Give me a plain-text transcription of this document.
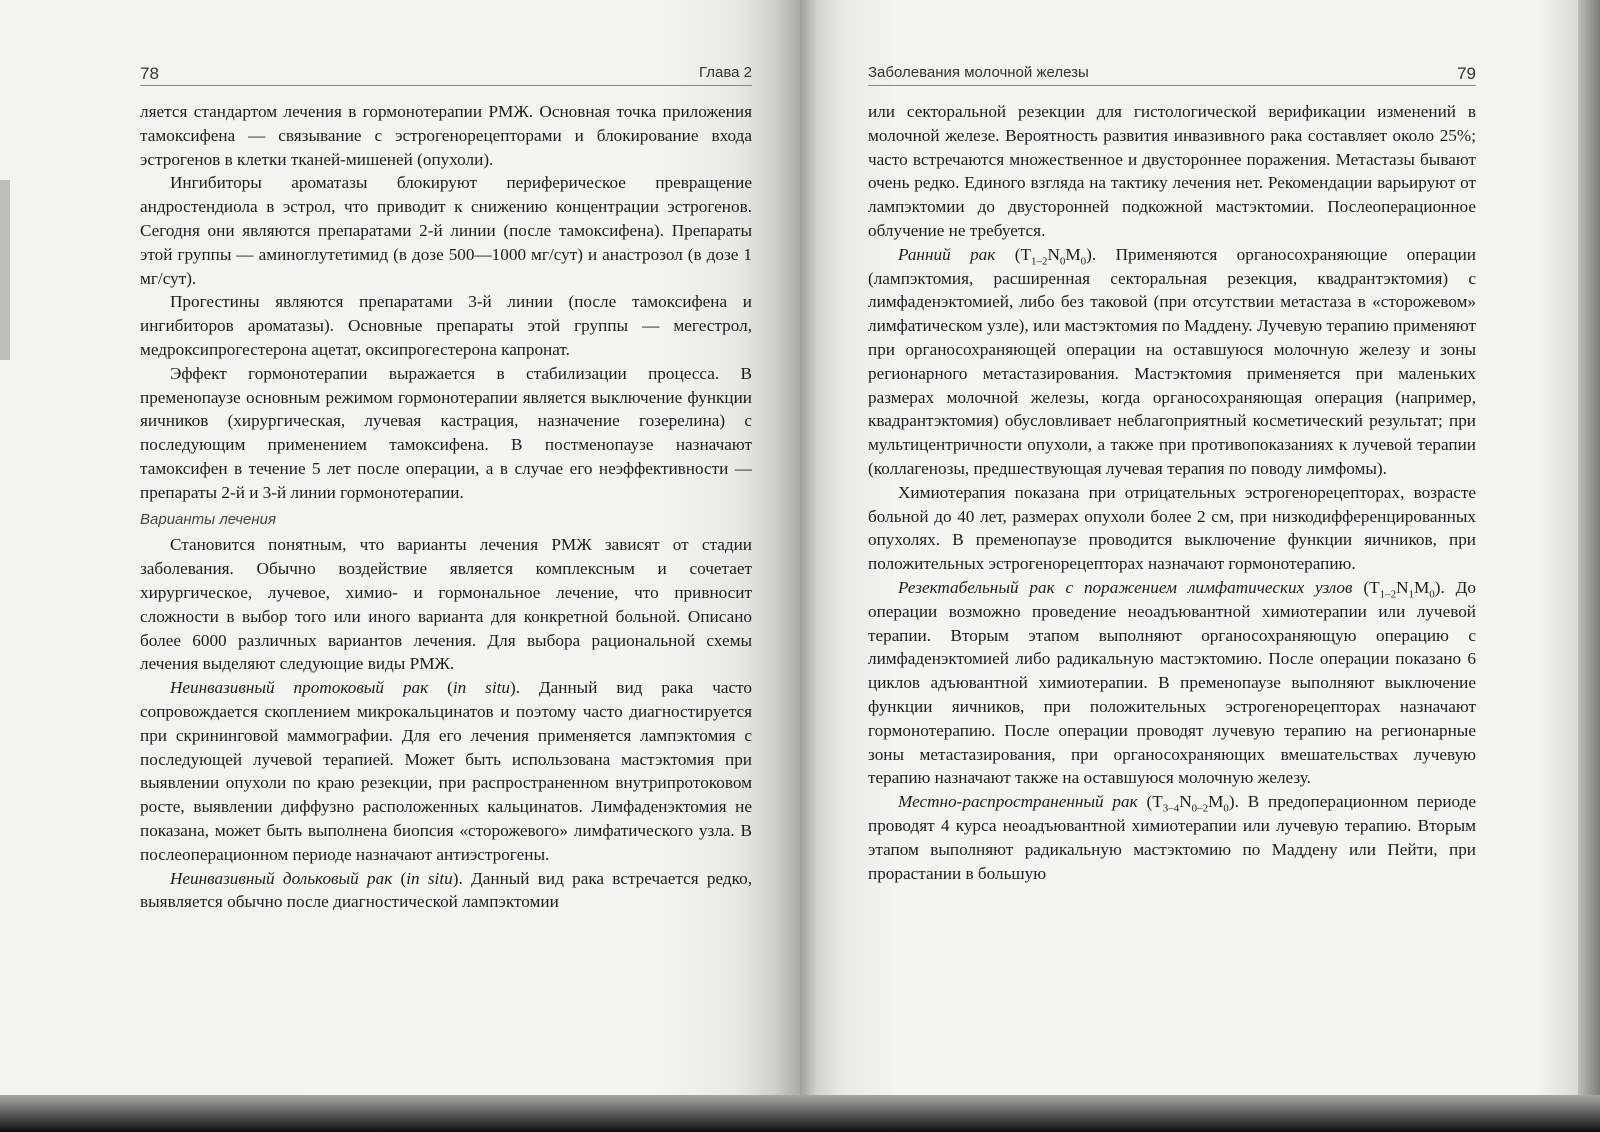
78	Глава 2

ляется стандартом лечения в гормонотерапии РМЖ. Основная точка приложения тамоксифена — связывание с эстрогенорецепторами и блокирование входа эстрогенов в клетки тканей-мишеней (опухоли).

Ингибиторы ароматазы блокируют периферическое превращение андростендиола в эстрол, что приводит к снижению концентрации эстрогенов. Сегодня они являются препаратами 2-й линии (после тамоксифена). Препараты этой группы — аминоглутетимид (в дозе 500—1000 мг/сут) и анастрозол (в дозе 1 мг/сут).

Прогестины являются препаратами 3-й линии (после тамоксифена и ингибиторов ароматазы). Основные препараты этой группы — мегестрол, медроксипрогестерона ацетат, оксипрогестерона капронат.

Эффект гормонотерапии выражается в стабилизации процесса. В пременопаузе основным режимом гормонотерапии является выключение функции яичников (хирургическая, лучевая кастрация, назначение гозерелина) с последующим применением тамоксифена. В постменопаузе назначают тамоксифен в течение 5 лет после операции, а в случае его неэффективности — препараты 2-й и 3-й линии гормонотерапии.

Варианты лечения

Становится понятным, что варианты лечения РМЖ зависят от стадии заболевания. Обычно воздействие является комплексным и сочетает хирургическое, лучевое, химио- и гормональное лечение, что привносит сложности в выбор того или иного варианта для конкретной больной. Описано более 6000 различных вариантов лечения. Для выбора рациональной схемы лечения выделяют следующие виды РМЖ.

Неинвазивный протоковый рак (in situ). Данный вид рака часто сопровождается скоплением микрокальцинатов и поэтому часто диагностируется при скрининговой маммографии. Для его лечения применяется лампэктомия с последующей лучевой терапией. Может быть использована мастэктомия при выявлении опухоли по краю резекции, при распространенном внутрипротоковом росте, выявлении диффузно расположенных кальцинатов. Лимфаденэктомия не показана, может быть выполнена биопсия «сторожевого» лимфатического узла. В послеоперационном периоде назначают антиэстрогены.

Неинвазивный дольковый рак (in situ). Данный вид рака встречается редко, выявляется обычно после диагностической лампэктомии

Заболевания молочной железы	79

или секторальной резекции для гистологической верификации изменений в молочной железе. Вероятность развития инвазивного рака составляет около 25%; часто встречаются множественное и двустороннее поражения. Метастазы бывают очень редко. Единого взгляда на тактику лечения нет. Рекомендации варьируют от лампэктомии до двусторонней подкожной мастэктомии. Послеоперационное облучение не требуется.

Ранний рак $(T_{1-2}N_0M_0)$. Применяются органосохраняющие операции (лампэктомия, расширенная секторальная резекция, квадрантэктомия) с лимфаденэктомией, либо без таковой (при отсутствии метастаза в «сторожевом» лимфатическом узле), или мастэктомия по Маддену. Лучевую терапию применяют при органосохраняющей операции на оставшуюся молочную железу и зоны регионарного метастазирования. Мастэктомия применяется при маленьких размерах молочной железы, когда органосохраняющая операция (например, квадрантэктомия) обусловливает неблагоприятный косметический результат; при мультицентричности опухоли, а также при противопоказаниях к лучевой терапии (коллагенозы, предшествующая лучевая терапия по поводу лимфомы).

Химиотерапия показана при отрицательных эстрогенорецепторах, возрасте больной до 40 лет, размерах опухоли более 2 см, при низкодифференцированных опухолях. В пременопаузе проводится выключение функции яичников, при положительных эстрогенорецепторах назначают гормонотерапию.

Резектабельный рак с поражением лимфатических узлов $(T_{1-2}N_1M_0)$. До операции возможно проведение неоадъювантной химиотерапии или лучевой терапии. Вторым этапом выполняют органосохраняющую операцию с лимфаденэктомией либо радикальную мастэктомию. После операции показано 6 циклов адъювантной химиотерапии. В пременопаузе выполняют выключение функции яичников, при положительных эстрогенорецепторах назначают гормонотерапию. После операции проводят лучевую терапию на регионарные зоны метастазирования, при органосохраняющих вмешательствах лучевую терапию назначают также на оставшуюся молочную железу.

Местно-распространенный рак $(T_{3-4}N_{0-2}M_0)$. В предоперационном периоде проводят 4 курса неоадъювантной химиотерапии или лучевую терапию. Вторым этапом выполняют радикальную мастэктомию по Маддену или Пейти, при прорастании в большую
